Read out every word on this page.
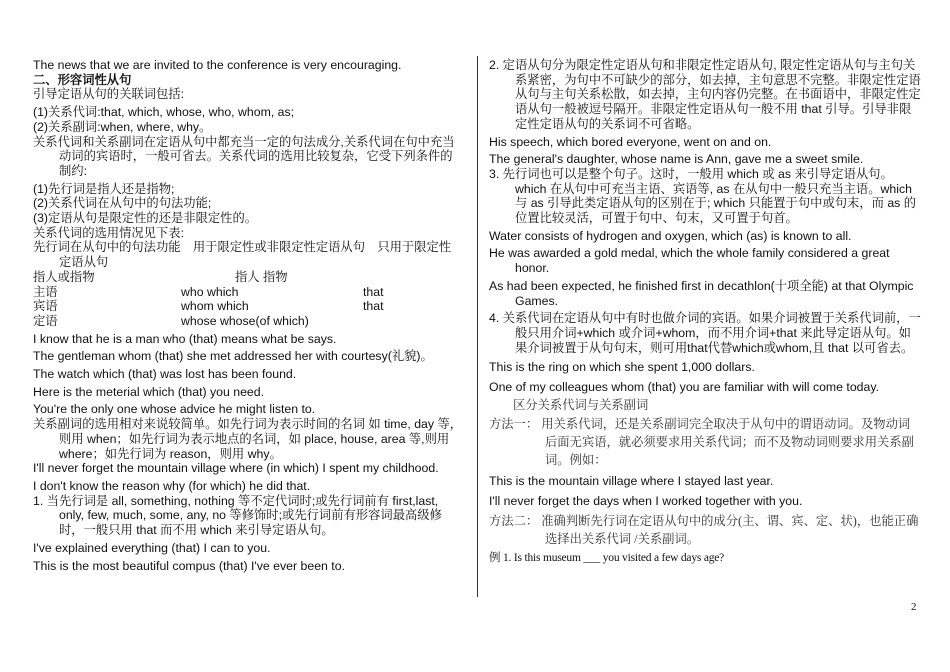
The news that we are invited to the conference is very encouraging.

二、形容词性从句

引导定语从句的关联词包括:

(1)关系代词:that, which, whose, who, whom, as;

(2)关系副词:when, where, why。

关系代词和关系副词在定语从句中都充当一定的句法成分,关系代词在句中充当动词的宾语时，一般可省去。关系代词的选用比较复杂，它受下列条件的制约:

(1)先行词是指人还是指物;

(2)关系代词在从句中的句法功能;

(3)定语从句是限定性的还是非限定性的。

关系代词的选用情况见下表:

先行词在从句中的句法功能　用于限定性或非限定性定语从句　只用于限定性定语从句

指人或指物	指人 指物
主语	who which	that
宾语	whom which	that
定语	whose whose(of which)

I know that he is a man who (that) means what be says.

The gentleman whom (that) she met addressed her with courtesy(礼貌)。

The watch which (that) was lost has been found.

Here is the meterial which (that) you need.

You're the only one whose advice he might listen to.

关系副词的选用相对来说较简单。如先行词为表示时间的名词 如 time, day 等，则用 when；如先行词为表示地点的名词，如 place, house, area 等,则用 where；如先行词为 reason，则用 why。

I'll never forget the mountain village where (in which) I spent my childhood.

I don't know the reason why (for which) he did that.

1. 当先行词是 all, something, nothing 等不定代词时;或先行词前有 first,last, only, few, much, some, any, no 等修饰时;或先行词前有形容词最高级修时，一般只用 that 而不用 which 来引导定语从句。

I've explained everything (that) I can to you.

This is the most beautiful compus (that) I've ever been to.

2. 定语从句分为限定性定语从句和非限定性定语从句, 限定性定语从句与主句关系紧密，为句中不可缺少的部分，如去掉，主句意思不完整。非限定性定语从句与主句关系松散，如去掉，主句内容仍完整。在书面语中，非限定性定语从句一般被逗号隔开。非限定性定语从句一般不用 that 引导。引导非限定性定语从句的关系词不可省略。

His speech, which bored everyone, went on and on.

The general's daughter, whose name is Ann, gave me a sweet smile.

3. 先行词也可以是整个句子。这时，一般用 which 或 as 来引导定语从句。which 在从句中可充当主语、宾语等, as 在从句中一般只充当主语。which 与 as 引导此类定语从句的区别在于; which 只能置于句中或句末，而 as 的位置比较灵活，可置于句中、句末，又可置于句首。

Water consists of hydrogen and oxygen, which (as) is known to all.

He was awarded a gold medal, which the whole family considered a great honor.

As had been expected, he finished first in decathlon(十项全能) at that Olympic Games.

4. 关系代词在定语从句中有时也做介词的宾语。如果介词被置于关系代词前，一般只用介词+which 或介词+whom，而不用介词+that 来此导定语从句。如果介词被置于从句句末，则可用that代替which或whom,且 that 以可省去。

This is the ring on which she spent 1,000 dollars.

One of my colleagues whom (that) you are familiar with will come today.

区分关系代词与关系副词

方法一： 用关系代词，还是关系副词完全取决于从句中的谓语动词。及物动词后面无宾语，就必须要求用关系代词；而不及物动词则要求用关系副词。例如：

This is the mountain village where I stayed last year.

I'll never forget the days when I worked together with you.

方法二： 准确判断先行词在定语从句中的成分(主、谓、宾、定、状)，也能正确选择出关系代词 /关系副词。

例 1. Is this museum ___ you visited a few days age?

2
